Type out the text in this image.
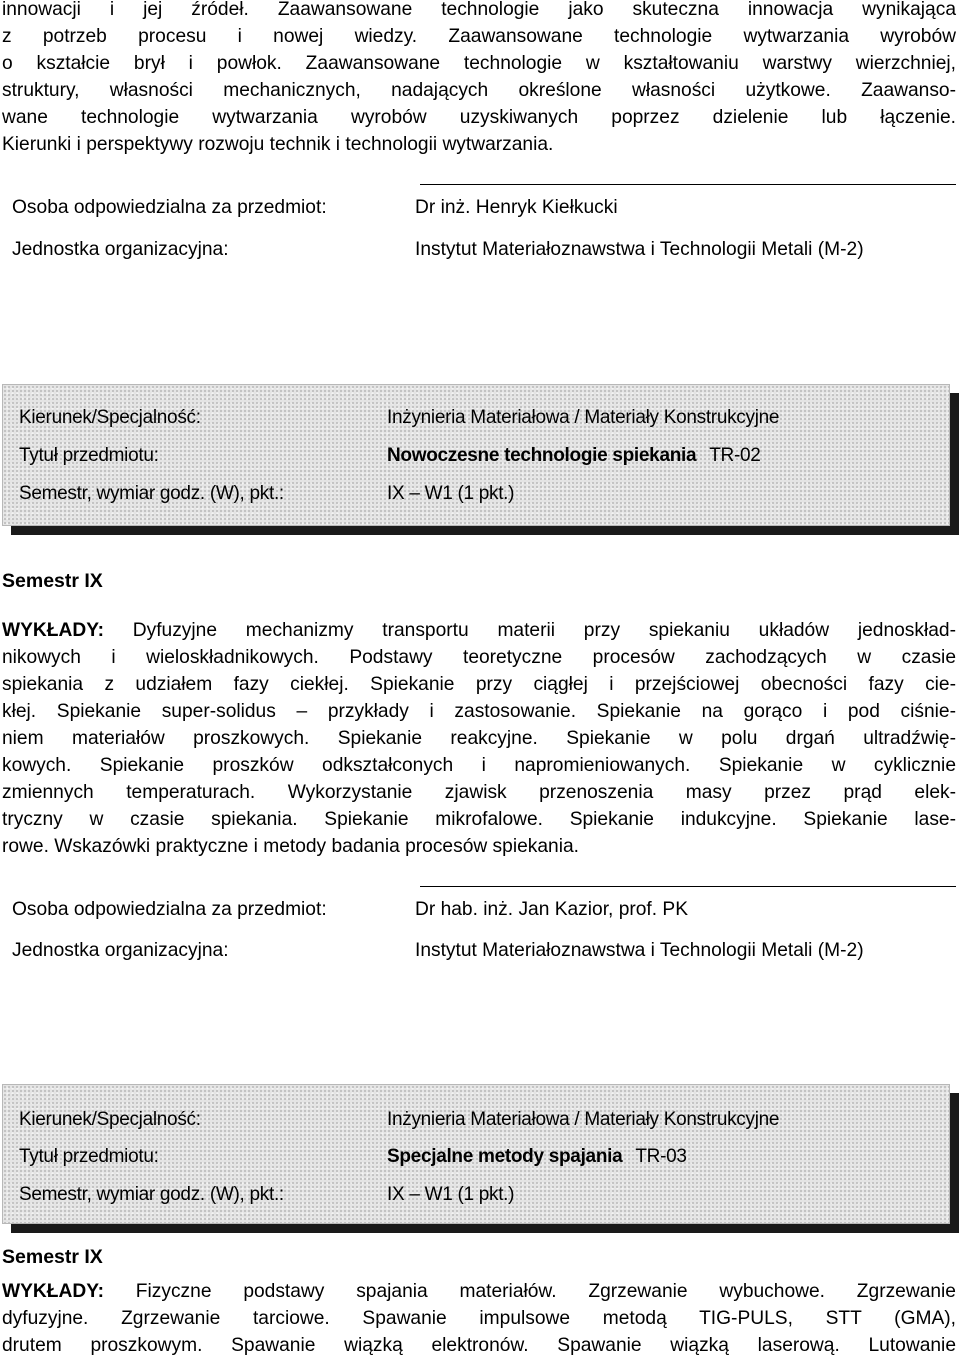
innowacji i jej źródeł. Zaawansowane technologie jako skuteczna innowacja wynikająca
z potrzeb procesu i nowej wiedzy. Zaawansowane technologie wytwarzania wyrobów
o kształcie brył i powłok. Zaawansowane technologie w kształtowaniu warstwy wierzchniej,
struktury, własności mechanicznych, nadających określone własności użytkowe. Zaawanso-
wane technologie wytwarzania wyrobów uzyskiwanych poprzez dzielenie lub łączenie.
Kierunki i perspektywy rozwoju technik i technologii wytwarzania.
Osoba odpowiedzialna za przedmiot:	Dr inż. Henryk Kiełkucki
Jednostka organizacyjna:	Instytut Materiałoznawstwa i Technologii Metali (M-2)
Kierunek/Specjalność:	Inżynieria Materiałowa / Materiały Konstrukcyjne
Tytuł przedmiotu:	Nowoczesne technologie spiekania TR-02
Semestr, wymiar godz. (W), pkt.:	IX – W1 (1 pkt.)
Semestr IX
WYKŁADY: Dyfuzyjne mechanizmy transportu materii przy spiekaniu układów jednoskład-
nikowych i wieloskładnikowych. Podstawy teoretyczne procesów zachodzących w czasie
spiekania z udziałem fazy ciekłej. Spiekanie przy ciągłej i przejściowej obecności fazy cie-
kłej. Spiekanie super-solidus – przykłady i zastosowanie. Spiekanie na gorąco i pod ciśnie-
niem materiałów proszkowych. Spiekanie reakcyjne. Spiekanie w polu drgań ultradźwię-
kowych. Spiekanie proszków odkształconych i napromieniowanych. Spiekanie w cyklicznie
zmiennych temperaturach. Wykorzystanie zjawisk przenoszenia masy przez prąd elek-
tryczny w czasie spiekania. Spiekanie mikrofalowe. Spiekanie indukcyjne. Spiekanie lase-
rowe. Wskazówki praktyczne i metody badania procesów spiekania.
Osoba odpowiedzialna za przedmiot:	Dr hab. inż. Jan Kazior, prof. PK
Jednostka organizacyjna:	Instytut Materiałoznawstwa i Technologii Metali (M-2)
Kierunek/Specjalność:	Inżynieria Materiałowa / Materiały Konstrukcyjne
Tytuł przedmiotu:	Specjalne metody spajania TR-03
Semestr, wymiar godz. (W), pkt.:	IX – W1 (1 pkt.)
Semestr IX
WYKŁADY: Fizyczne podstawy spajania materiałów. Zgrzewanie wybuchowe. Zgrzewanie
dyfuzyjne. Zgrzewanie tarciowe. Spawanie impulsowe metodą TIG-PULS, STT (GMA),
drutem proszkowym. Spawanie wiązką elektronów. Spawanie wiązką laserową. Lutowanie
